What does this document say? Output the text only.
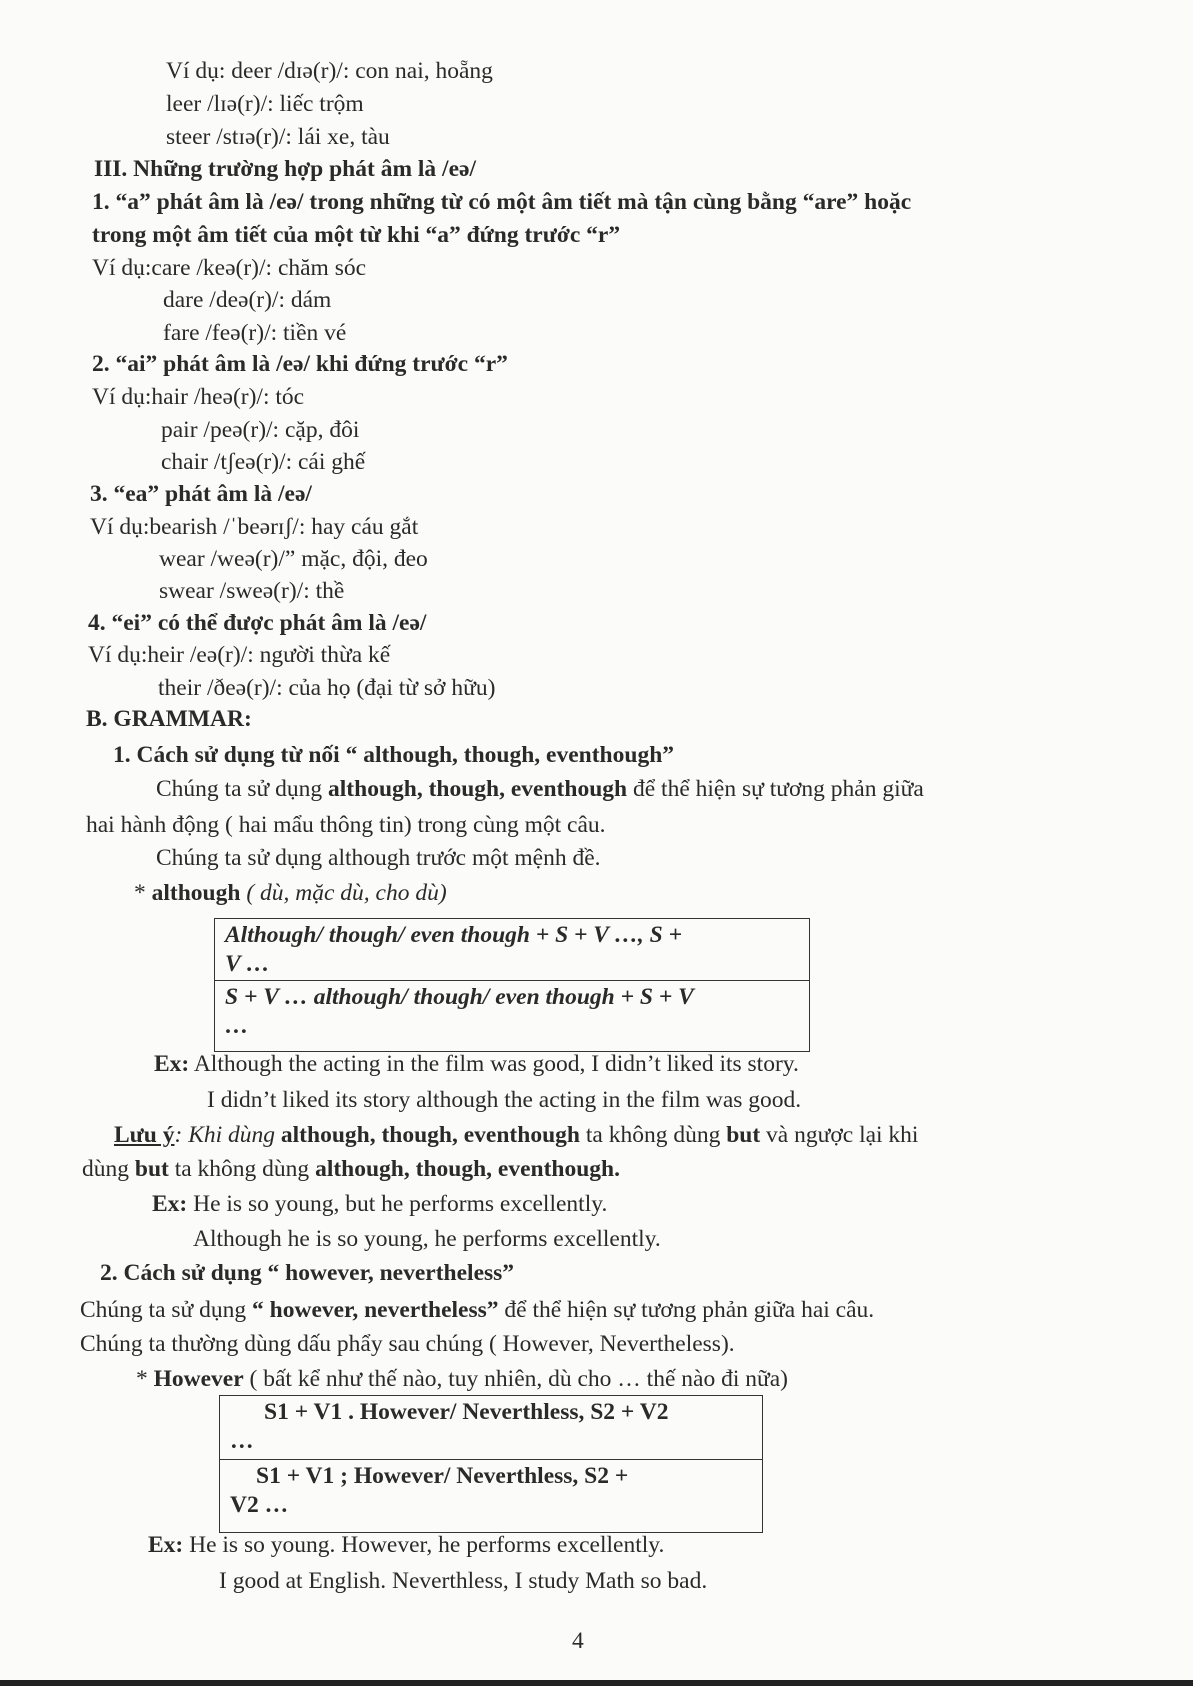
Ví dụ: deer /dɪə(r)/: con nai, hoẵng
leer /lɪə(r)/: liếc trộm
steer /stɪə(r)/: lái xe, tàu
III. Những trường hợp phát âm là /eə/
1. “a” phát âm là /eə/ trong những từ có một âm tiết mà tận cùng bằng “are” hoặc
trong một âm tiết của một từ khi “a” đứng trước “r”
Ví dụ:care /keə(r)/: chăm sóc
dare /deə(r)/: dám
fare /feə(r)/: tiền vé
2. “ai” phát âm là /eə/ khi đứng trước “r”
Ví dụ:hair /heə(r)/: tóc
pair /peə(r)/: cặp, đôi
chair /tʃeə(r)/: cái ghế
3. “ea” phát âm là /eə/
Ví dụ:bearish /ˈbeərɪʃ/: hay cáu gắt
wear /weə(r)/” mặc, đội, đeo
swear /sweə(r)/: thề
4. “ei” có thể được phát âm là /eə/
Ví dụ:heir /eə(r)/: người thừa kế
their /ðeə(r)/: của họ (đại từ sở hữu)
B. GRAMMAR:
1. Cách sử dụng từ nối “ although, though, eventhough”
Chúng ta sử dụng although, though, eventhough để thể hiện sự tương phản giữa
hai hành động ( hai mẩu thông tin) trong cùng một câu.
Chúng ta sử dụng although trước một mệnh đề.
* although ( dù, mặc dù, cho dù)
Although/ though/ even though + S + V …, S +
V …
S + V … although/ though/ even though + S + V
…
Ex: Although the acting in the film was good, I didn’t liked its story.
I didn’t liked its story although the acting in the film was good.
Lưu ý: Khi dùng although, though, eventhough ta không dùng but và ngược lại khi
dùng but ta không dùng although, though, eventhough.
Ex: He is so young, but he performs excellently.
Although he is so young, he performs excellently.
2. Cách sử dụng “ however, nevertheless”
Chúng ta sử dụng “ however, nevertheless” để thể hiện sự tương phản giữa hai câu.
Chúng ta thường dùng dấu phẩy sau chúng ( However, Nevertheless).
* However ( bất kể như thế nào, tuy nhiên, dù cho … thế nào đi nữa)
S1 + V1 . However/ Neverthless, S2 + V2
…
S1 + V1 ; However/ Neverthless, S2 +
V2 …
Ex: He is so young. However, he performs excellently.
I good at English. Neverthless, I study Math so bad.
4
